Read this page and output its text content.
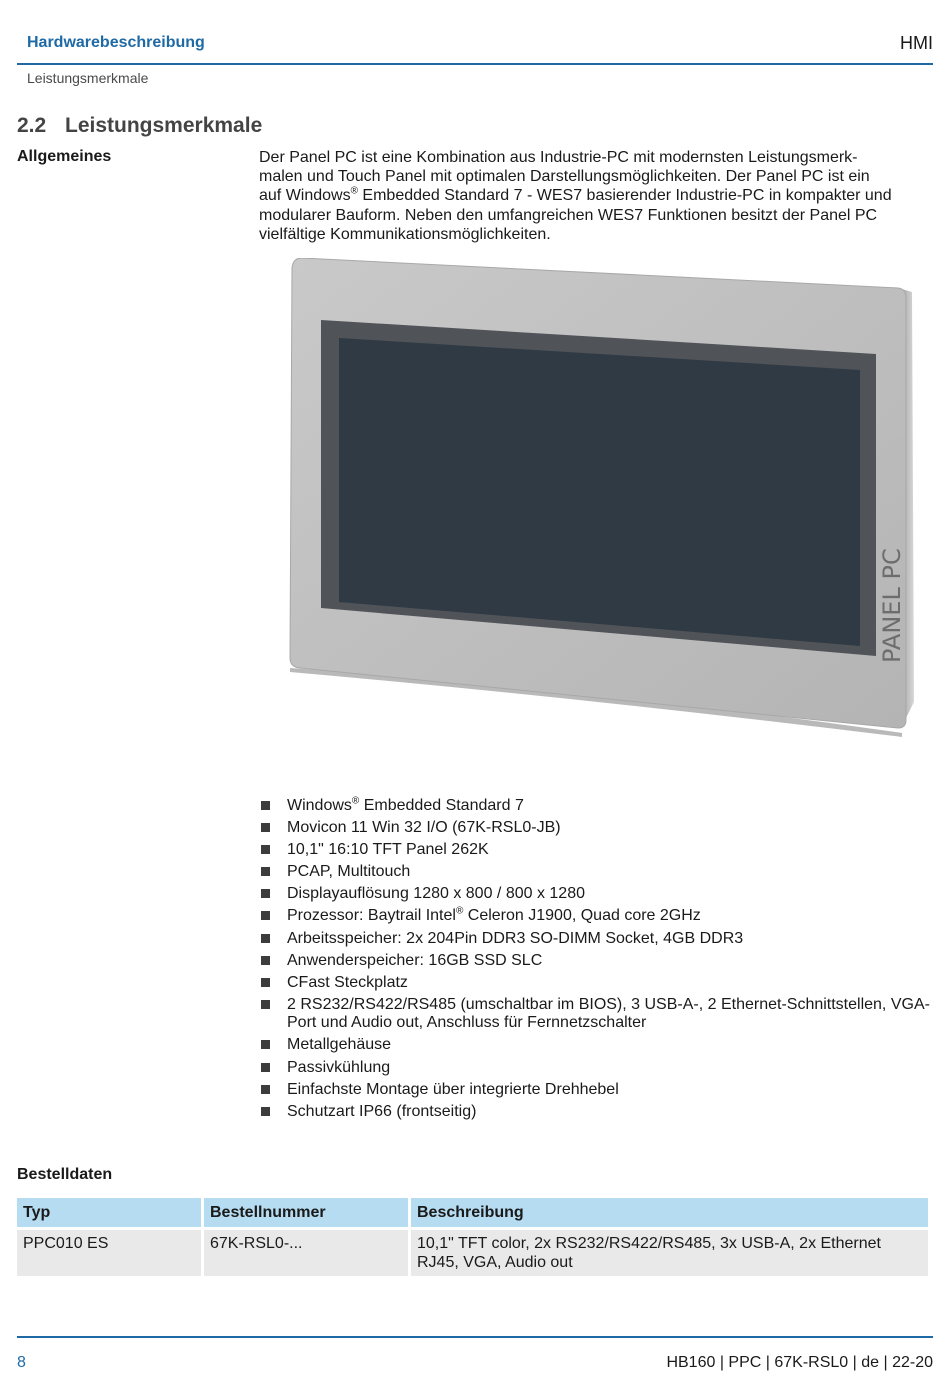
Hardwarebeschreibung	HMI
Leistungsmerkmale
2.2 Leistungsmerkmale
Allgemeines	Der Panel PC ist eine Kombination aus Industrie-PC mit modernsten Leistungsmerk-

malen und Touch Panel mit optimalen Darstellungsmöglichkeiten. Der Panel PC ist ein

auf Windows® Embedded Standard 7 - WES7 basierender Industrie-PC in kompakter und

modularer Bauform. Neben den umfangreichen WES7 Funktionen besitzt der Panel PC

vielfältige Kommunikationsmöglichkeiten.

PANEL PC
Windows® Embedded Standard 7
Movicon 11 Win 32 I/O (67K-RSL0-JB)
10,1" 16:10 TFT Panel 262K
PCAP, Multitouch
Displayauflösung 1280 x 800 / 800 x 1280
Prozessor: Baytrail Intel® Celeron J1900, Quad core 2GHz
Arbeitsspeicher: 2x 204Pin DDR3 SO-DIMM Socket, 4GB DDR3
Anwenderspeicher: 16GB SSD SLC
CFast Steckplatz
2 RS232/RS422/RS485 (umschaltbar im BIOS), 3 USB-A-, 2 Ethernet-Schnittstellen, VGA-Port und Audio out, Anschluss für Fernnetzschalter
Metallgehäuse
Passivkühlung
Einfachste Montage über integrierte Drehhebel
Schutzart IP66 (frontseitig)
Bestelldaten
Typ	Bestellnummer	Beschreibung
PPC010 ES	67K-RSL0-...	10,1" TFT color, 2x RS232/RS422/RS485, 3x USB-A, 2x Ethernet RJ45, VGA, Audio out
8	HB160 | PPC | 67K-RSL0 | de | 22-20
